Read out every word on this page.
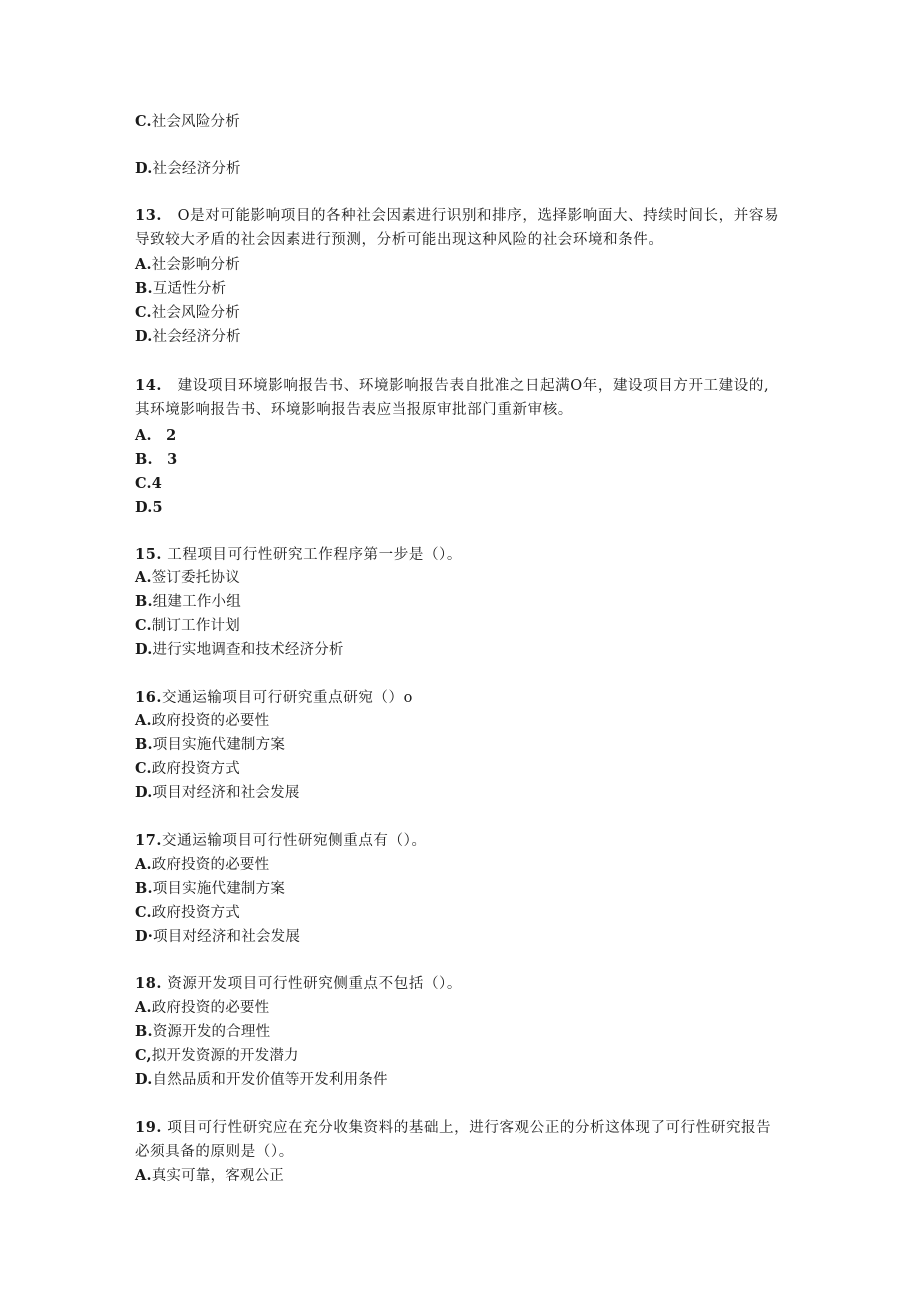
C.社会风险分析
D.社会经济分析
13. O是对可能影响项目的各种社会因素进行识别和排序，选择影响面大、持续时间长，并容易
导致较大矛盾的社会因素进行预测，分析可能出现这种风险的社会环境和条件。
A.社会影响分析
B.互适性分析
C.社会风险分析
D.社会经济分析
14. 建设项目环境影响报告书、环境影响报告表自批准之日起满O年，建设项目方开工建设的,
其环境影响报告书、环境影响报告表应当报原审批部门重新审核。
A. 2
B. 3
C.4
D.5
15. 工程项目可行性研究工作程序第一步是（）。
A.签订委托协议
B.组建工作小组
C.制订工作计划
D.进行实地调查和技术经济分析
16.交通运输项目可行研究重点研宛（）o
A.政府投资的必要性
B.项目实施代建制方案
C.政府投资方式
D.项目对经济和社会发展
17.交通运输项目可行性研宛侧重点有（）。
A.政府投资的必要性
B.项目实施代建制方案
C.政府投资方式
D·项目对经济和社会发展
18. 资源开发项目可行性研究侧重点不包括（）。
A.政府投资的必要性
B.资源开发的合理性
C,拟开发资源的开发潜力
D.自然品质和开发价值等开发利用条件
19. 项目可行性研究应在充分收集资料的基础上，进行客观公正的分析这体现了可行性研究报告
必须具备的原则是（）。
A.真实可靠，客观公正
